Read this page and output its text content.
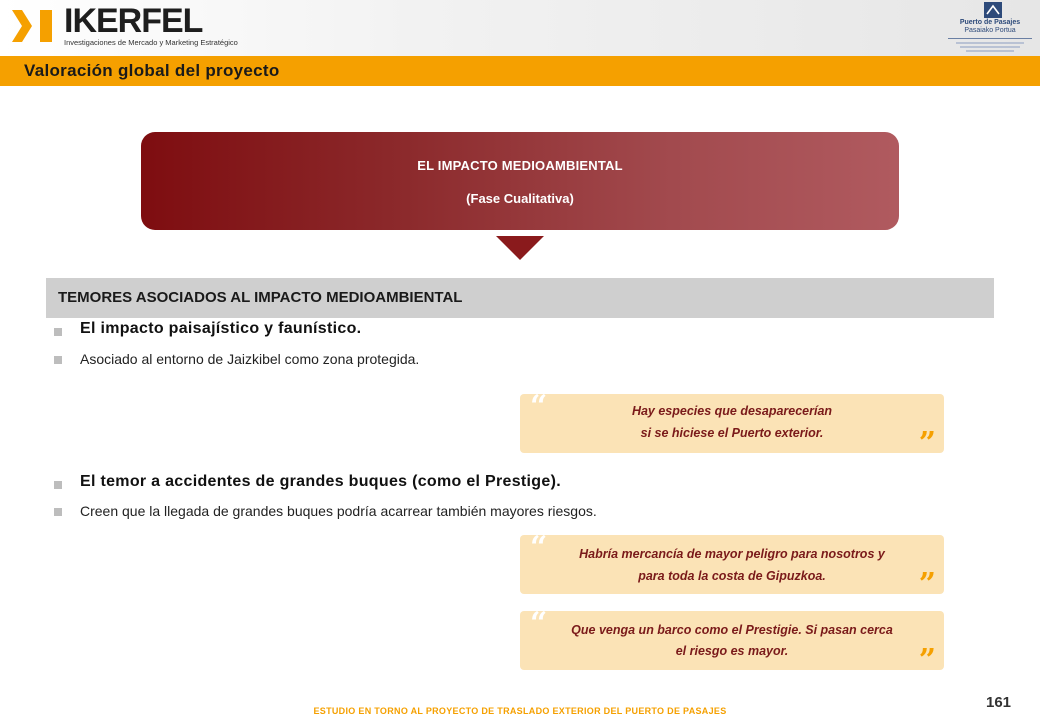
IKERFEL
Investigaciones de Mercado y Marketing Estratégico
Puerto de Pasajes
Pasaiako Portua
Valoración global del proyecto
EL IMPACTO MEDIOAMBIENTAL
(Fase Cualitativa)
TEMORES ASOCIADOS AL IMPACTO MEDIOAMBIENTAL
El impacto paisajístico y faunístico.
Asociado al entorno de Jaizkibel como zona protegida.
“	Hay especies que desaparecerían
si se hiciese el Puerto exterior.	”
El temor a accidentes de grandes buques (como el Prestige).
Creen que la llegada de grandes buques podría acarrear también mayores riesgos.
“	Habría mercancía de mayor peligro para nosotros y
para toda la costa de Gipuzkoa.	”
“	Que venga un barco como el Prestigie. Si pasan cerca
el riesgo es mayor.	”
ESTUDIO EN TORNO AL PROYECTO DE TRASLADO EXTERIOR DEL PUERTO DE PASAJES	161
